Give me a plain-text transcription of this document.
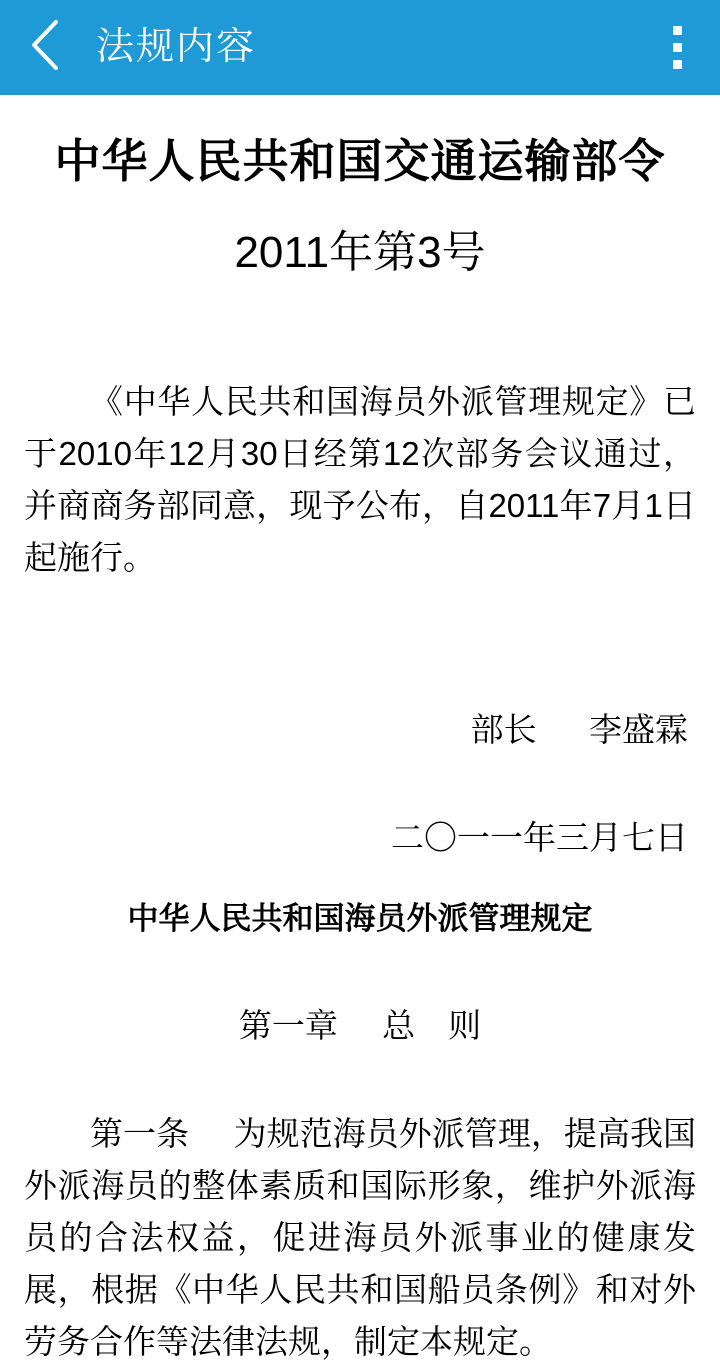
法规内容
中华人民共和国交通运输部令
2011年第3号

《中华人民共和国海员外派管理规定》已于2010年12月30日经第12次部务会议通过，并商商务部同意，现予公布，自2011年7月1日起施行。

部长 李盛霖

二〇一一年三月七日

中华人民共和国海员外派管理规定

第一章 总　则

第一条 为规范海员外派管理，提高我国外派海员的整体素质和国际形象，维护外派海员的合法权益，促进海员外派事业的健康发展，根据《中华人民共和国船员条例》和对外劳务合作等法律法规，制定本规定。
